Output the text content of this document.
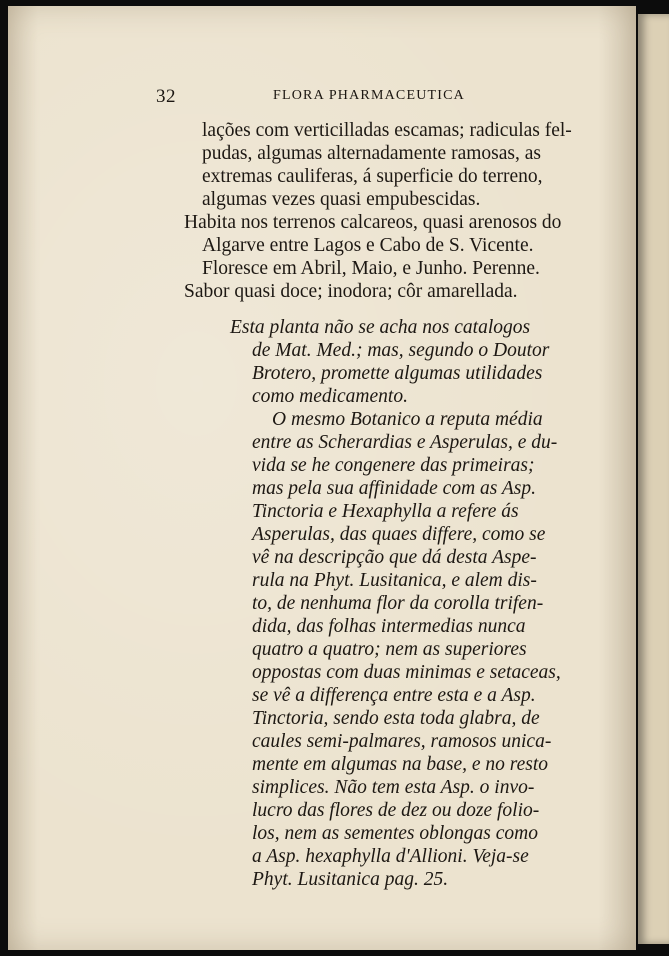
32	FLORA PHARMACEUTICA
lações com verticilladas escamas; radiculas fel-
pudas, algumas alternadamente ramosas, as
extremas cauliferas, á superficie do terreno,
algumas vezes quasi empubescidas.
Habita nos terrenos calcareos, quasi arenosos do
Algarve entre Lagos e Cabo de S. Vicente.
Floresce em Abril, Maio, e Junho. Perenne.
Sabor quasi doce; inodora; côr amarellada.
Esta planta não se acha nos catalogos
de Mat. Med.; mas, segundo o Doutor
Brotero, promette algumas utilidades
como medicamento.
O mesmo Botanico a reputa média
entre as Scherardias e Asperulas, e du-
vida se he congenere das primeiras;
mas pela sua affinidade com as Asp.
Tinctoria e Hexaphylla a refere ás
Asperulas, das quaes differe, como se
vê na descripção que dá desta Aspe-
rula na Phyt. Lusitanica, e alem dis-
to, de nenhuma flor da corolla trifen-
dida, das folhas intermedias nunca
quatro a quatro; nem as superiores
oppostas com duas minimas e setaceas,
se vê a differença entre esta e a Asp.
Tinctoria, sendo esta toda glabra, de
caules semi-palmares, ramosos unica-
mente em algumas na base, e no resto
simplices. Não tem esta Asp. o invo-
lucro das flores de dez ou doze folio-
los, nem as sementes oblongas como
a Asp. hexaphylla d'Allioni. Veja-se
Phyt. Lusitanica pag. 25.
